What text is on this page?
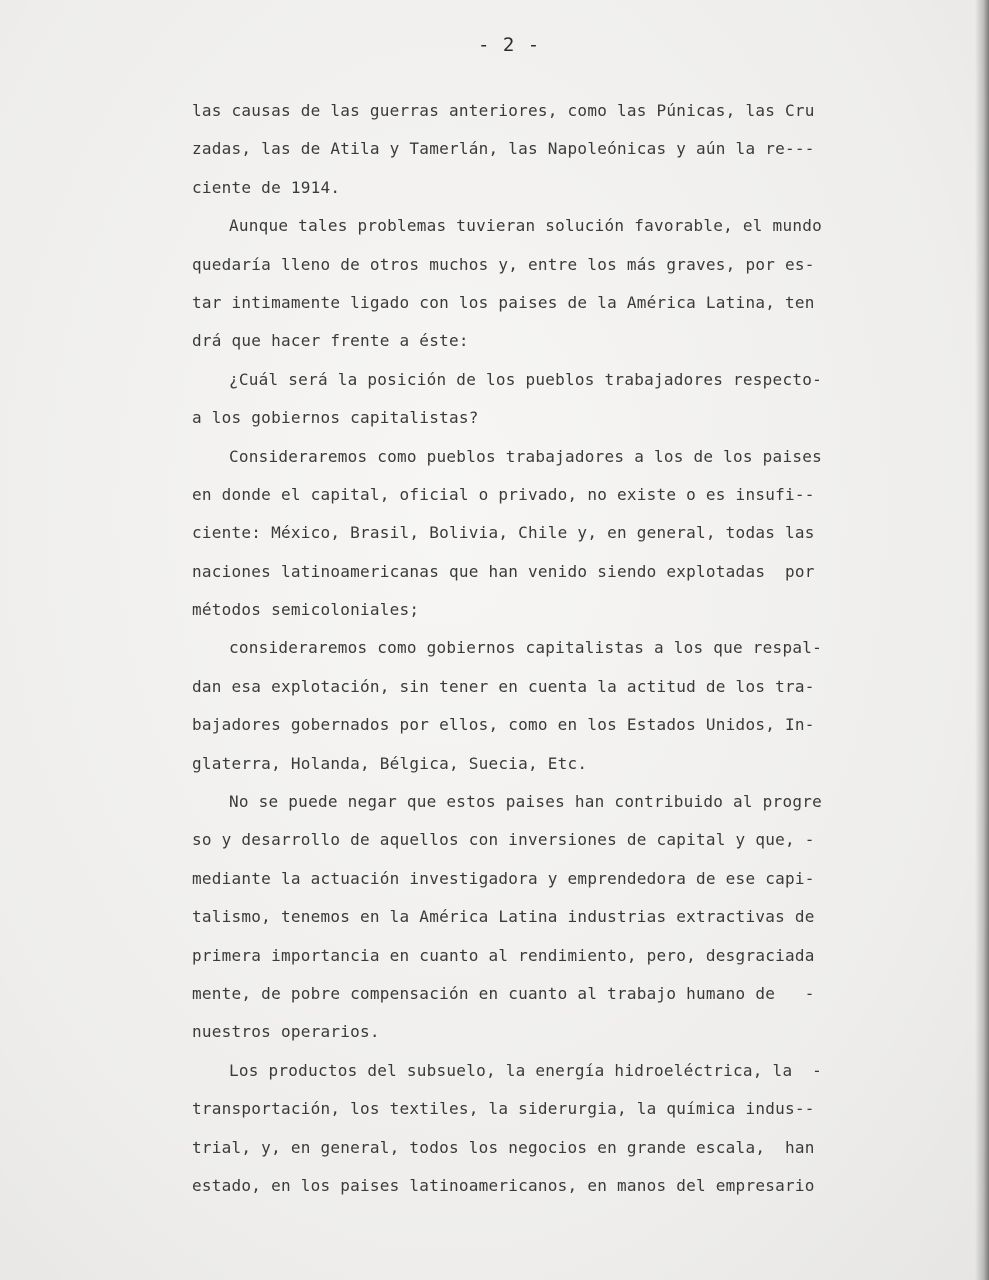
- 2 -
las causas de las guerras anteriores, como las Púnicas, las Cru
zadas, las de Atila y Tamerlán, las Napoleónicas y aún la re---
ciente de 1914.
Aunque tales problemas tuvieran solución favorable, el mundo
quedaría lleno de otros muchos y, entre los más graves, por es-
tar intimamente ligado con los paises de la América Latina, ten
drá que hacer frente a éste:
¿Cuál será la posición de los pueblos trabajadores respecto-
a los gobiernos capitalistas?
Consideraremos como pueblos trabajadores a los de los paises
en donde el capital, oficial o privado, no existe o es insufi--
ciente: México, Brasil, Bolivia, Chile y, en general, todas las
naciones latinoamericanas que han venido siendo explotadas  por
métodos semicoloniales;
consideraremos como gobiernos capitalistas a los que respal-
dan esa explotación, sin tener en cuenta la actitud de los tra-
bajadores gobernados por ellos, como en los Estados Unidos, In-
glaterra, Holanda, Bélgica, Suecia, Etc.
No se puede negar que estos paises han contribuido al progre
so y desarrollo de aquellos con inversiones de capital y que, -
mediante la actuación investigadora y emprendedora de ese capi-
talismo, tenemos en la América Latina industrias extractivas de
primera importancia en cuanto al rendimiento, pero, desgraciada
mente, de pobre compensación en cuanto al trabajo humano de   -
nuestros operarios.
Los productos del subsuelo, la energía hidroeléctrica, la  -
transportación, los textiles, la siderurgia, la química indus--
trial, y, en general, todos los negocios en grande escala,  han
estado, en los paises latinoamericanos, en manos del empresario
